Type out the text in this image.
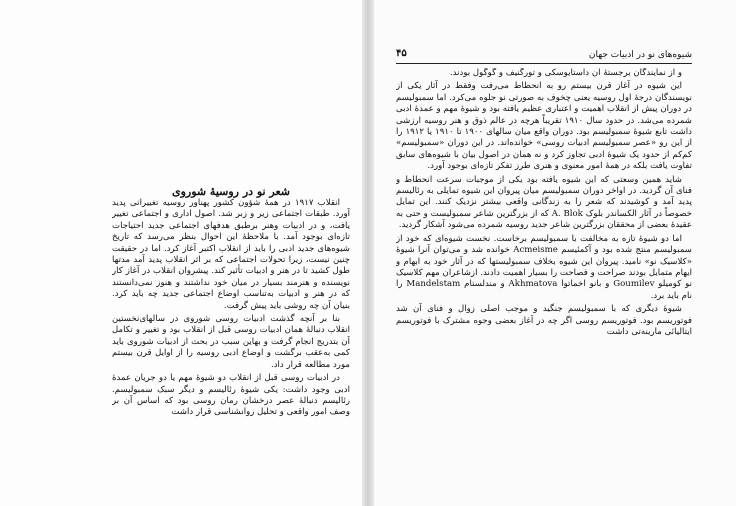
شعر نو در روسیهٔ شوروی

انقلاب ۱۹۱۷ در همهٔ شؤون کشور پهناور روسیه تغییراتی پدید آورد. طبقات اجتماعی زیر و زبر شد. اصول اداری و اجتماعی تغییر یافت، و در ادبیات وهنر برطبق هدفهای اجتماعی جدید احتیاجات تازه‌ای بوجود آمد. با ملاحظهٔ این احوال بنظر می‌رسد که تاریخ شیوه‌های جدید ادبی را باید از انقلاب اکتبر آغاز کرد. اما در حقیقت چنین نیست، زیرا تحولات اجتماعی که بر اثر انقلاب پدید آمد مدتها طول کشید تا در هنر و ادبیات تأثیر کند. پیشروان انقلاب در آغاز کار نویسنده و هنرمند بسیار در میان خود نداشتند و هنوز نمی‌دانستند که در هنر و ادبیات به‌تناسب اوضاع اجتماعی جدید چه باید کرد. بنیان آن چه روشی باید پیش گرفت.

بنا بر آنچه گذشت ادبیات روسی شوروی در سالهای‌نخستین انقلاب دنبالهٔ همان ادبیات روسی قبل از انقلاب بود و تغییر و تکامل آن بتدریج انجام گرفت و بهاین سبب در بحث از ادبیات شوروی باید کمی به‌عقب برگشت و اوضاع ادبی روسیه را از اوایل قرن بیستم مورد مطالعه قرار داد.

در ادبیات روسی قبل از انقلاب دو شیوهٔ مهم یا دو جریان عمدهٔ ادبی وجود داشت: یکی شیوهٔ رئالیسم و دیگر سبک سمبولیسم. رئالیسم دنبالهٔ عصر درخشان رمان روسی بود که اساس آن بر وصف امور واقعی و تحلیل روانشناسی قرار داشت

شیوه‌های نو در ادبیات جهان
۴۵

و از نمایندگان برجستهٔ آن داستایوسکی و تورگنیف و گوگول بودند.

این شیوه در آغاز قرن بیستم رو به انحطاط می‌رفت وفقط در آثار یکی از نویسندگان درجهٔ اول روسیه یعنی چخوف به صورتی نو جلوه می‌کرد. اما سمبولیسم در دوران پیش از انقلاب اهمیت و اعتباری عظیم یافته بود و شیوهٔ مهم و عمدهٔ ادبی شمرده می‌شد. در حدود سال ۱۹۱۰ تقریباً هرچه در عالم ذوق و هنر روسیه ارزشی داشت تابع شیوهٔ سمبولیسم بود. دوران واقع میان سالهای ۱۹۰۰ تا ۱۹۱۰ یا ۱۹۱۲ را از این رو «عصر سمبولیسم ادبیات روسی» خوانده‌اند. در این دوران «سمبولیسم» کم‌کم از حدود یک شیوهٔ ادبی تجاوز کرد و نه همان در اصول بیان با شیوه‌های سابق تفاوت یافت بلکه در همهٔ امور معنوی و هنری طرز تفکر تازه‌ای بوجود آورد.

شاید همین وسعتی که این شیوه یافته بود یکی از موجبات سرعت انحطاط و فنای آن گردید. در اواخر دوران سمبولیسم میان پیروان این شیوه تمایلی به رئالیسم پدید آمد و کوشیدند که شعر را به زندگانی واقعی بیشتر نزدیک کنند. این تمایل خصوصاً در آثار الکساندر بلوک A. Blok که از بزرگترین شاعر سمبولیست و حتی به عقیدهٔ بعضی از محققان بزرگترین شاعر جدید روسیه شمرده می‌شود آشکار گردید.

اما دو شیوهٔ تازه به مخالفت با سمبولیسم برخاست. نخست شیوه‌ای که خود از سمبولیسم منتج شده بود و آکمئیسم Acmeisme خوانده شد و می‌توان آنرا شیوهٔ «کلاسیک نو» نامید. پیروان این شیوه بخلاف سمبولیستها که در آثار خود به ابهام و ایهام متمایل بودند صراحت و فصاحت را بسیار اهمیت دادند. ازشاعران مهم کلاسیک نو کومیلو Goumilev و بانو اخماتوا Akhmatova و مندلستام Mandelstam را نام باید برد.

شیوهٔ دیگری که با سمبولیسم جنگید و موجب اصلی زوال و فنای آن شد فوتوریسم بود. فوتوریسم روسی اگر چه در آغاز بعضی وجوه مشترک با فوتوریسم ایتالیائی مارینه‌تی داشت
